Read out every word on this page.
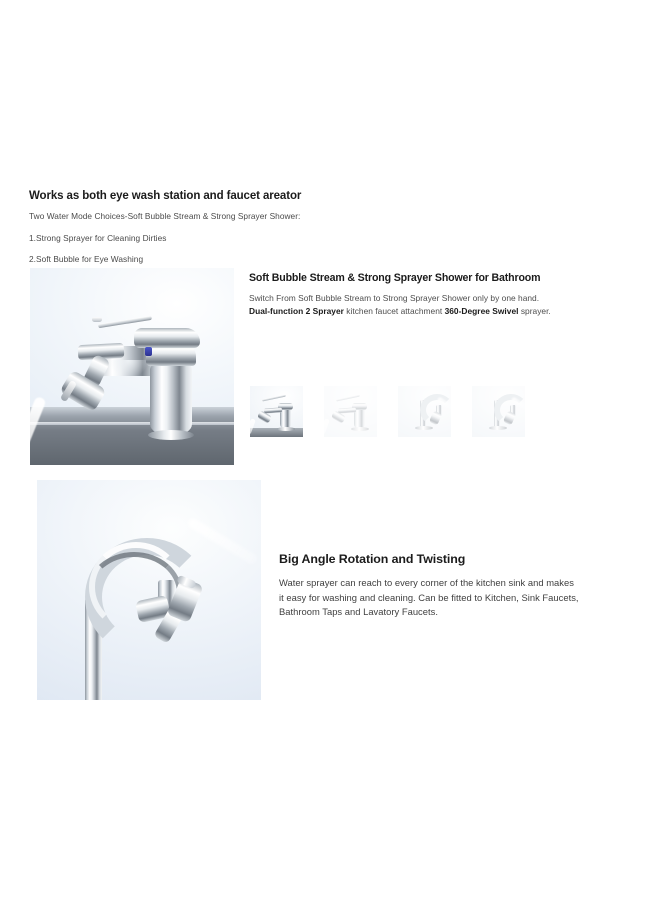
Works as both eye wash station and faucet areator

Two Water Mode Choices-Soft Bubble Stream & Strong Sprayer Shower:

1.Strong Sprayer for Cleaning Dirties

2.Soft Bubble for Eye Washing

Soft Bubble Stream & Strong Sprayer Shower for Bathroom

Switch From Soft Bubble Stream to Strong Sprayer Shower only by one hand. Dual-function 2 Sprayer kitchen faucet attachment 360-Degree Swivel sprayer.

Big Angle Rotation and Twisting

Water sprayer can reach to every corner of the kitchen sink and makes it easy for washing and cleaning. Can be fitted to Kitchen, Sink Faucets, Bathroom Taps and Lavatory Faucets.
